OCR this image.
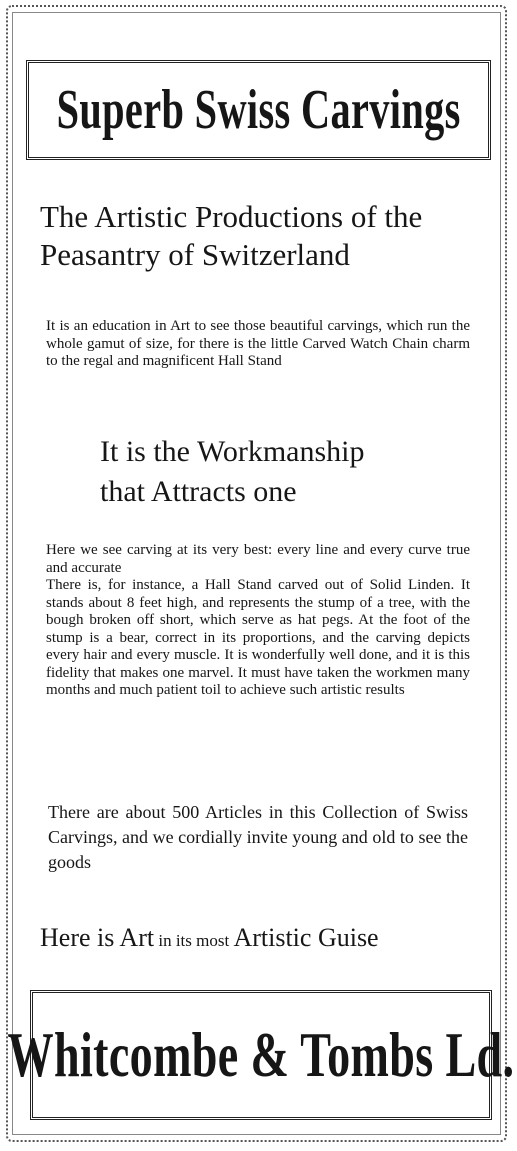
Superb Swiss Carvings
The Artistic Productions of the Peasantry of Switzerland
It is an education in Art to see those beautiful carvings, which run the whole gamut of size, for there is the little Carved Watch Chain charm to the regal and magnificent Hall Stand
It is the Workmanship
that Attracts one
Here we see carving at its very best: every line and every curve true and accurate
There is, for instance, a Hall Stand carved out of Solid Linden. It stands about 8 feet high, and represents the stump of a tree, with the bough broken off short, which serve as hat pegs. At the foot of the stump is a bear, correct in its proportions, and the carving depicts every hair and every muscle. It is wonderfully well done, and it is this fidelity that makes one marvel. It must have taken the workmen many months and much patient toil to achieve such artistic results
There are about 500 Articles in this Collection of Swiss Carvings, and we cordially invite young and old to see the goods
Here is Art in its most Artistic Guise
Whitcombe & Tombs Ld.
